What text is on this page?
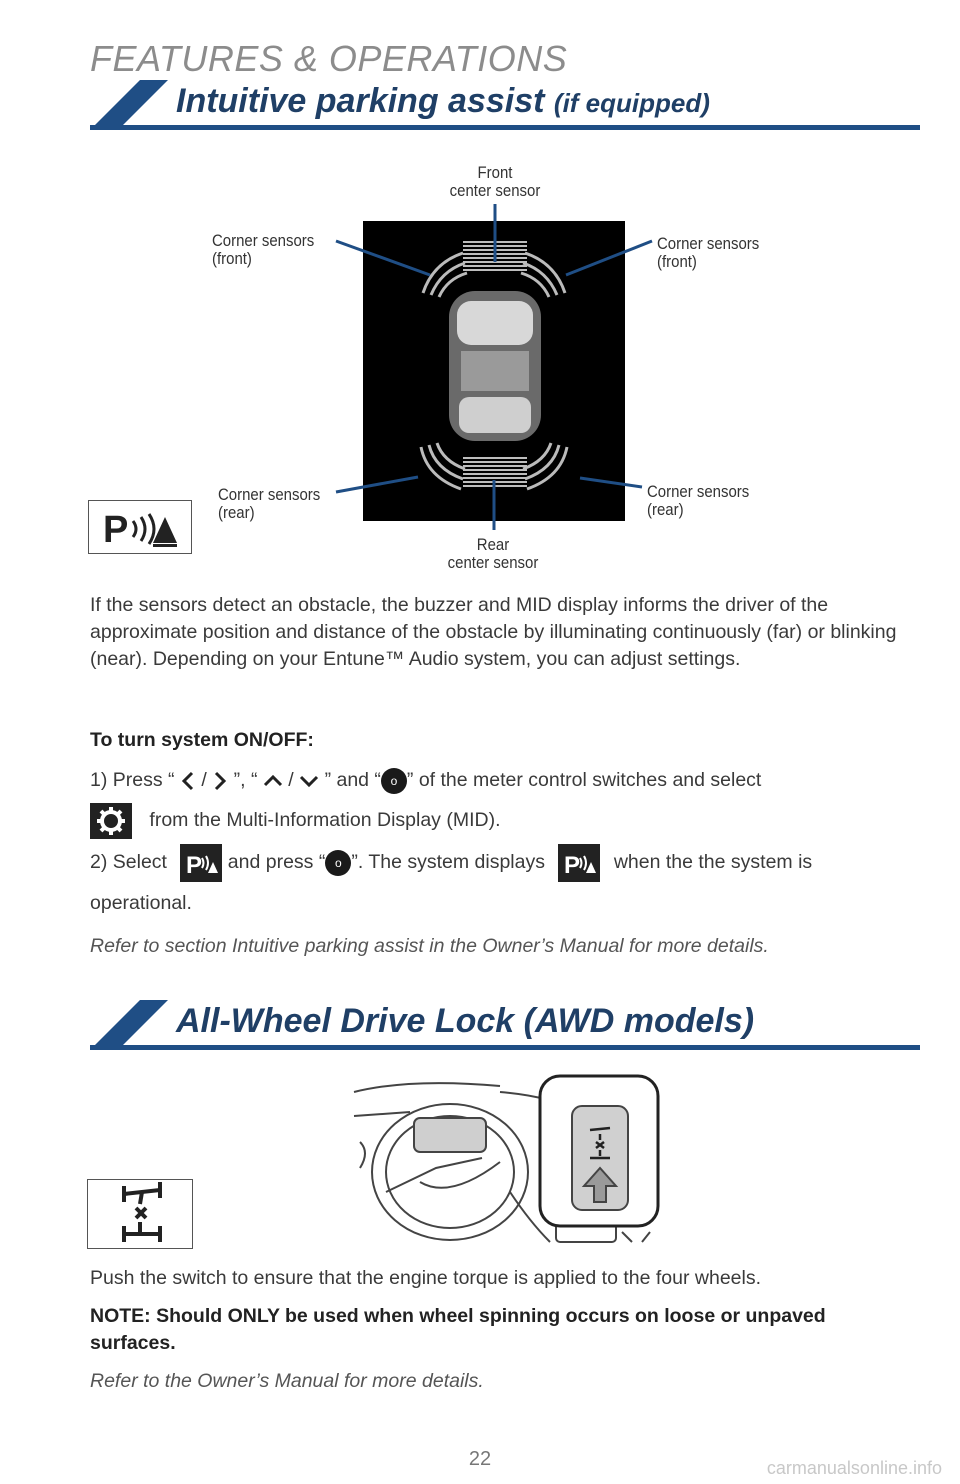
FEATURES & OPERATIONS
Intuitive parking assist (if equipped)
P
Front
center sensor
Corner sensors
(front)
Corner sensors
(front)
Corner sensors
(rear)
Corner sensors
(rear)
Rear
center sensor
If the sensors detect an obstacle, the buzzer and MID display informs the driver of the approximate position and distance of the obstacle by illuminating continuously (far) or blinking (near). Depending on your Entune™ Audio system, you can adjust settings.
To turn system ON/OFF:
1) Press “ / ”, “ / ” and “ o ” of the meter control switches and select
from the Multi-Information Display (MID).
2) Select P and press “ o ”. The system displays P when the the system is
operational.
Refer to section Intuitive parking assist in the Owner’s Manual for more details.
All-Wheel Drive Lock (AWD models)
Push the switch to ensure that the engine torque is applied to the four wheels.
NOTE: Should ONLY be used when wheel spinning occurs on loose or unpaved surfaces.
Refer to the Owner’s Manual for more details.
22	carmanualsonline.info
